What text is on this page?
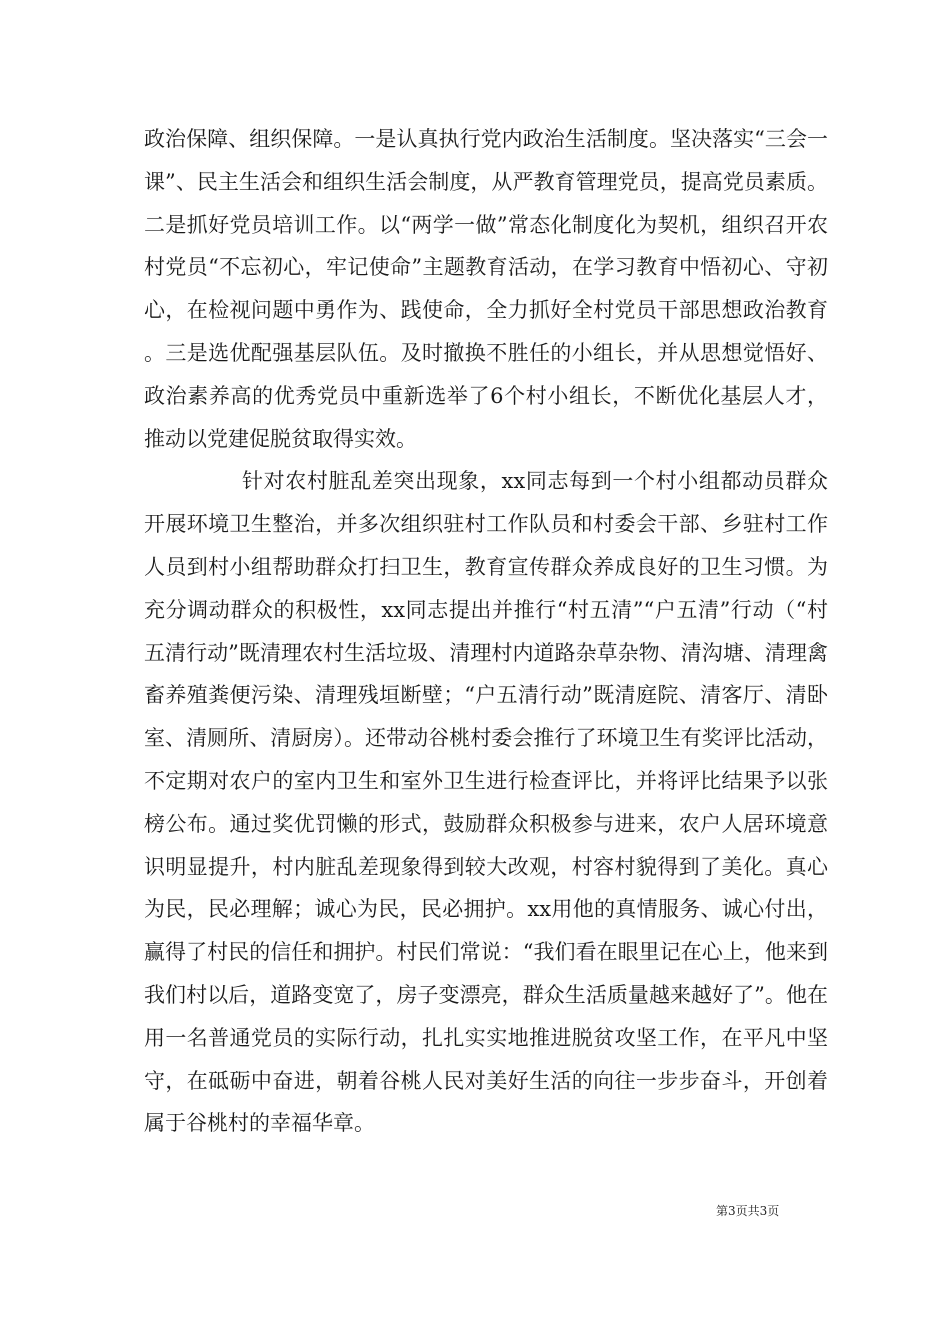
政治保障、组织保障。一是认真执行党内政治生活制度。坚决落实“三会一课”、民主生活会和组织生活会制度，从严教育管理党员，提高党员素质。二是抓好党员培训工作。以“两学一做”常态化制度化为契机，组织召开农村党员“不忘初心，牢记使命”主题教育活动，在学习教育中悟初心、守初心，在检视问题中勇作为、践使命，全力抓好全村党员干部思想政治教育。三是选优配强基层队伍。及时撤换不胜任的小组长，并从思想觉悟好、政治素养高的优秀党员中重新选举了6个村小组长，不断优化基层人才，推动以党建促脱贫取得实效。

针对农村脏乱差突出现象，xx同志每到一个村小组都动员群众开展环境卫生整治，并多次组织驻村工作队员和村委会干部、乡驻村工作人员到村小组帮助群众打扫卫生，教育宣传群众养成良好的卫生习惯。为充分调动群众的积极性，xx同志提出并推行“村五清”“户五清”行动（“村五清行动”既清理农村生活垃圾、清理村内道路杂草杂物、清沟塘、清理禽畜养殖粪便污染、清理残垣断壁；“户五清行动”既清庭院、清客厅、清卧室、清厕所、清厨房）。还带动谷桃村委会推行了环境卫生有奖评比活动，不定期对农户的室内卫生和室外卫生进行检查评比，并将评比结果予以张榜公布。通过奖优罚懒的形式，鼓励群众积极参与进来，农户人居环境意识明显提升，村内脏乱差现象得到较大改观，村容村貌得到了美化。真心为民，民必理解；诚心为民，民必拥护。xx用他的真情服务、诚心付出，赢得了村民的信任和拥护。村民们常说：“我们看在眼里记在心上，他来到我们村以后，道路变宽了，房子变漂亮，群众生活质量越来越好了”。他在用一名普通党员的实际行动，扎扎实实地推进脱贫攻坚工作，在平凡中坚守，在砥砺中奋进，朝着谷桃人民对美好生活的向往一步步奋斗，开创着属于谷桃村的幸福华章。

第3页共3页
